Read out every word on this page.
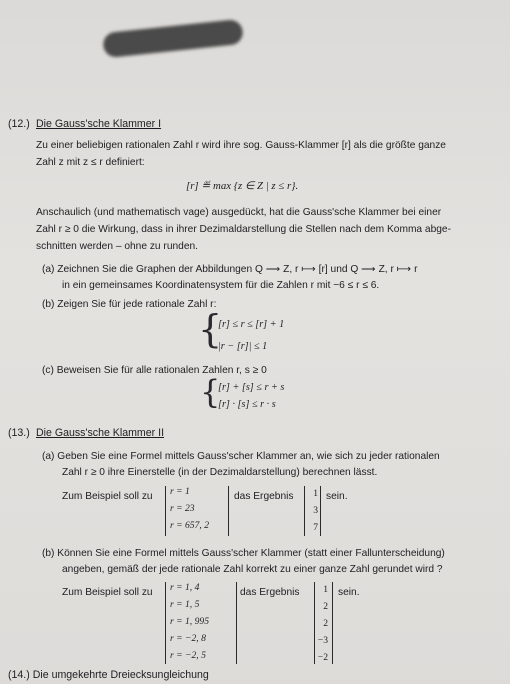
(12.) Die Gauss'sche Klammer I
Zu einer beliebigen rationalen Zahl r wird ihre sog. Gauss-Klammer [r] als die größte ganze
Zahl z mit z ≤ r definiert:
[r] ≝ max {z ∈ Z | z ≤ r}.
Anschaulich (und mathematisch vage) ausgedückt, hat die Gauss'sche Klammer bei einer
Zahl r ≥ 0 die Wirkung, dass in ihrer Dezimaldarstellung die Stellen nach dem Komma abge-
schnitten werden – ohne zu runden.
(a) Zeichnen Sie die Graphen der Abbildungen Q ⟶ Z, r ⟼ [r] und Q ⟶ Z, r ⟼ r
in ein gemeinsames Koordinatensystem für die Zahlen r mit −6 ≤ r ≤ 6.
(b) Zeigen Sie für jede rationale Zahl r:
{
[r] ≤ r ≤ [r] + 1
|r − [r]| ≤ 1
(c) Beweisen Sie für alle rationalen Zahlen r, s ≥ 0
{
[r] + [s] ≤ r + s
[r] · [s] ≤ r · s
(13.) Die Gauss'sche Klammer II
(a) Geben Sie eine Formel mittels Gauss'scher Klammer an, wie sich zu jeder rationalen
Zahl r ≥ 0 ihre Einerstelle (in der Dezimaldarstellung) berechnen lässt.
Zum Beispiel soll zu r = 1
r = 23
r = 657, 2
das Ergebnis	1
3
7
sein.
(b) Können Sie eine Formel mittels Gauss'scher Klammer (statt einer Fallunterscheidung)
angeben, gemäß der jede rationale Zahl korrekt zu einer ganze Zahl gerundet wird ?
Zum Beispiel soll zu r = 1, 4
r = 1, 5
r = 1, 995
r = −2, 8
r = −2, 5
das Ergebnis	1
2
2
−3
−2
sein.
(14.) Die umgekehrte Dreiecksungleichung
